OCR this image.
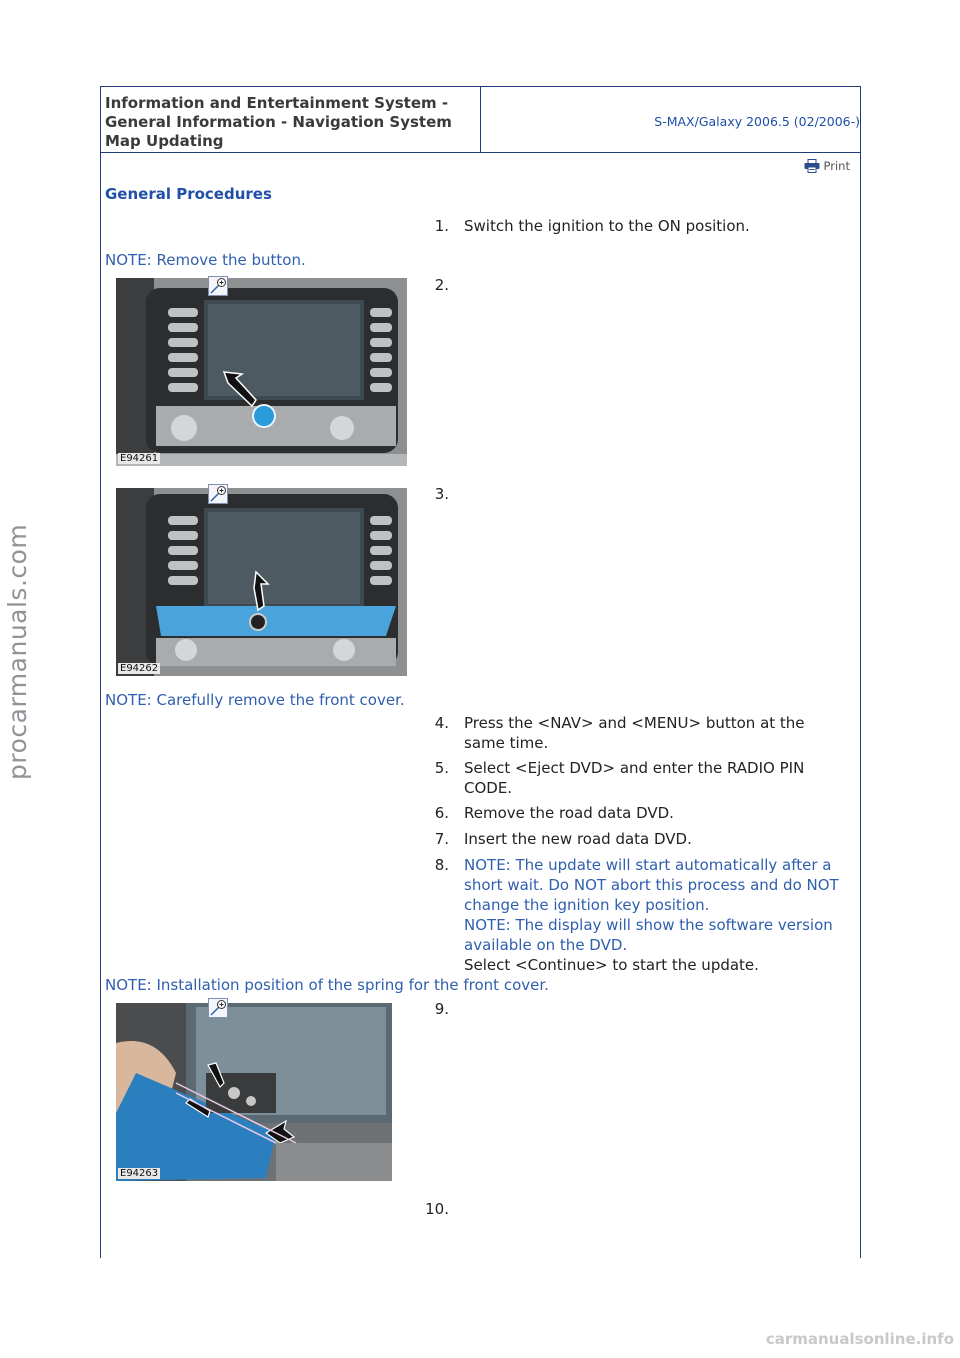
Information and Entertainment System -
General Information - Navigation System
Map Updating
S-MAX/Galaxy 2006.5 (02/2006-)
Print
General Procedures
1. Switch the ignition to the ON position.
NOTE: Remove the button.
E94261
2.
E94262
3.
NOTE: Carefully remove the front cover.
4. Press the <NAV> and <MENU> button at the same time.
5. Select <Eject DVD> and enter the RADIO PIN CODE.
6. Remove the road data DVD.
7. Insert the new road data DVD.
8. NOTE: The update will start automatically after a short wait. Do NOT abort this process and do NOT change the ignition key position.
NOTE: The display will show the software version available on the DVD.
Select <Continue> to start the update.
NOTE: Installation position of the spring for the front cover.
E94263
9.
10.
procarmanuals.com
carmanualsonline.info
